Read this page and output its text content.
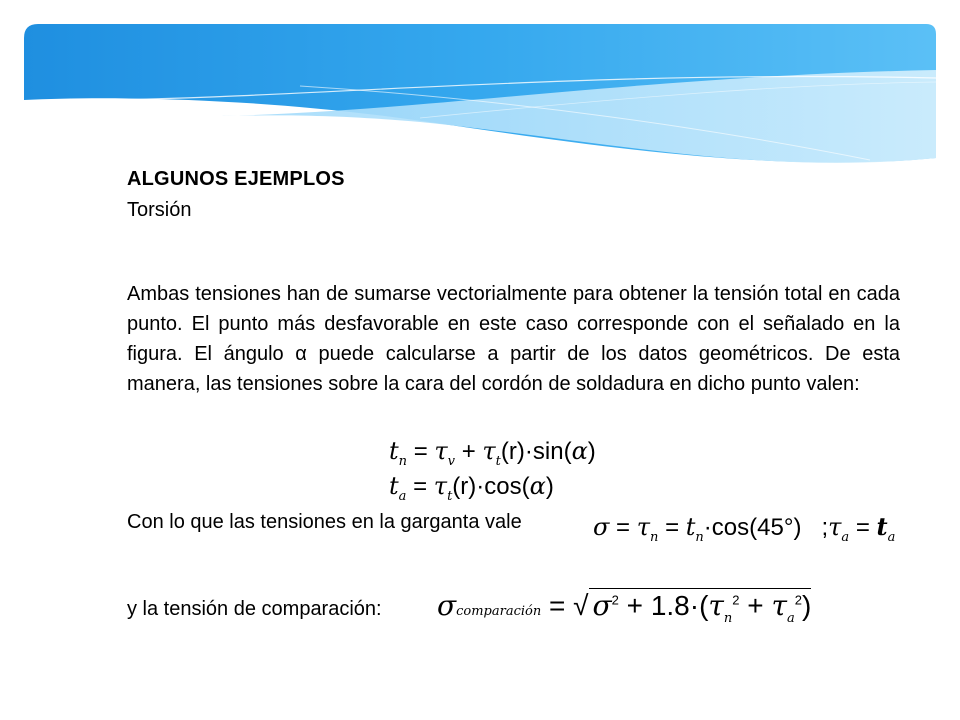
ALGUNOS EJEMPLOS
Torsión
Ambas tensiones han de sumarse vectorialmente para obtener la tensión total en cada punto. El punto más desfavorable en este caso corresponde con el señalado en la figura. El ángulo α puede calcularse a partir de los datos geométricos. De esta manera, las tensiones sobre la cara del cordón de soldadura en dicho punto valen:
$t_n = \tau_v + \tau_t(r)\cdot\sin(\alpha)$
$t_a = \tau_t(r)\cdot\cos(\alpha)$
Con lo que las tensiones en la garganta vale	$\sigma = \tau_n = t_n\cdot\cos(45^\circ)$   $;\tau_a = t_a$
y la tensión de comparación: σcomparación = √ $\sigma^2 + 1.8\cdot(\tau_n^2 + \tau_a^2)$
